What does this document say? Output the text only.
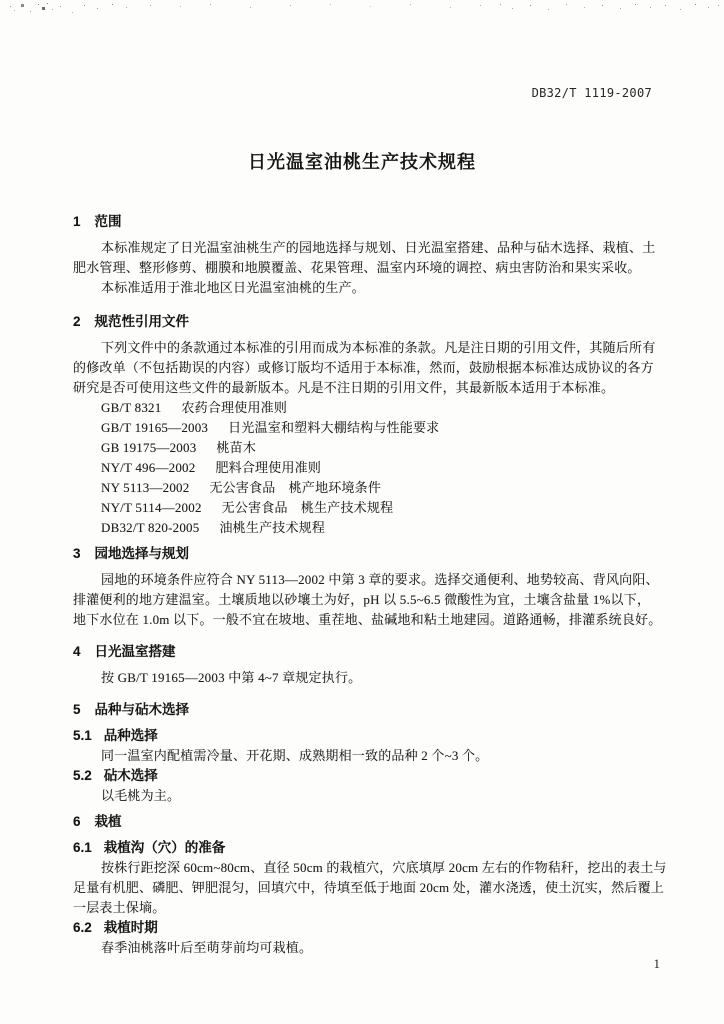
DB32/T 1119-2007
日光温室油桃生产技术规程
1 范围
本标准规定了日光温室油桃生产的园地选择与规划、日光温室搭建、品种与砧木选择、栽植、土
肥水管理、整形修剪、棚膜和地膜覆盖、花果管理、温室内环境的调控、病虫害防治和果实采收。
本标准适用于淮北地区日光温室油桃的生产。
2 规范性引用文件
下列文件中的条款通过本标准的引用而成为本标准的条款。凡是注日期的引用文件，其随后所有
的修改单（不包括勘误的内容）或修订版均不适用于本标准，然而，鼓励根据本标准达成协议的各方
研究是否可使用这些文件的最新版本。凡是不注日期的引用文件，其最新版本适用于本标准。
GB/T 8321 农药合理使用准则
GB/T 19165—2003 日光温室和塑料大棚结构与性能要求
GB 19175—2003 桃苗木
NY/T 496—2002 肥料合理使用准则
NY 5113—2002 无公害食品　桃产地环境条件
NY/T 5114—2002 无公害食品　桃生产技术规程
DB32/T 820-2005 油桃生产技术规程
3 园地选择与规划
园地的环境条件应符合 NY 5113—2002 中第 3 章的要求。选择交通便利、地势较高、背风向阳、
排灌便利的地方建温室。土壤质地以砂壤土为好，pH 以 5.5~6.5 微酸性为宜，土壤含盐量 1%以下，
地下水位在 1.0m 以下。一般不宜在坡地、重茬地、盐碱地和粘土地建园。道路通畅，排灌系统良好。
4 日光温室搭建
按 GB/T 19165—2003 中第 4~7 章规定执行。
5 品种与砧木选择
5.1 品种选择
同一温室内配植需冷量、开花期、成熟期相一致的品种 2 个~3 个。
5.2 砧木选择
以毛桃为主。
6 栽植
6.1 栽植沟（穴）的准备
按株行距挖深 60cm~80cm、直径 50cm 的栽植穴，穴底填厚 20cm 左右的作物秸秆，挖出的表土与
足量有机肥、磷肥、钾肥混匀，回填穴中，待填至低于地面 20cm 处，灌水浇透，使土沉实，然后覆上
一层表土保墒。
6.2 栽植时期
春季油桃落叶后至萌芽前均可栽植。
1
